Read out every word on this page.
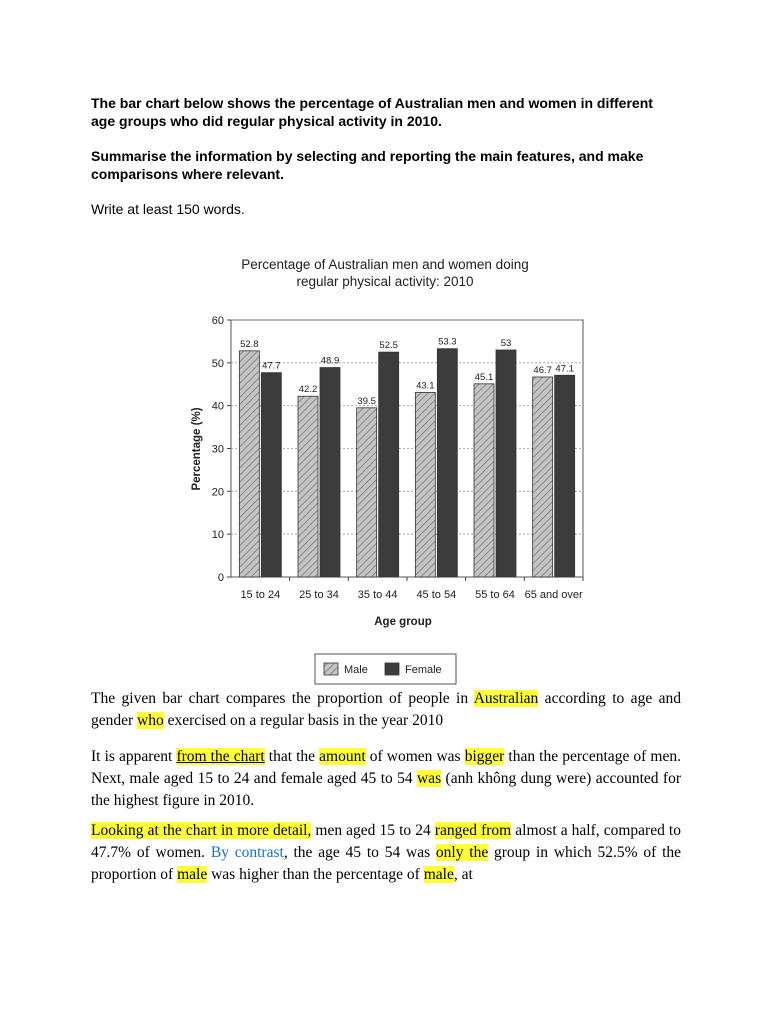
The bar chart below shows the percentage of Australian men and women in different age groups who did regular physical activity in 2010.
Summarise the information by selecting and reporting the main features, and make comparisons where relevant.
Write at least 150 words.
0
10
20
30
40
50
60
52.8
47.7
15 to 24
42.2
48.9
25 to 34
39.5
52.5
35 to 44
43.1
53.3
45 to 54
45.1
53
55 to 64
46.7 47.1
65 and over
Percentage of Australian men and women doing
regular physical activity: 2010
Age group
Percentage (%)
Male	Female

The given bar chart compares the proportion of people in Australian according to age and gender who exercised on a regular basis in the year 2010

It is apparent from the chart that the amount of women was bigger than the percentage of men. Next, male aged 15 to 24 and female aged 45 to 54 was (anh không dung were) accounted for the highest figure in 2010.

Looking at the chart in more detail, men aged 15 to 24 ranged from almost a half, compared to 47.7% of women. By contrast, the age 45 to 54 was only the group in which 52.5% of the proportion of male was higher than the percentage of male, at
